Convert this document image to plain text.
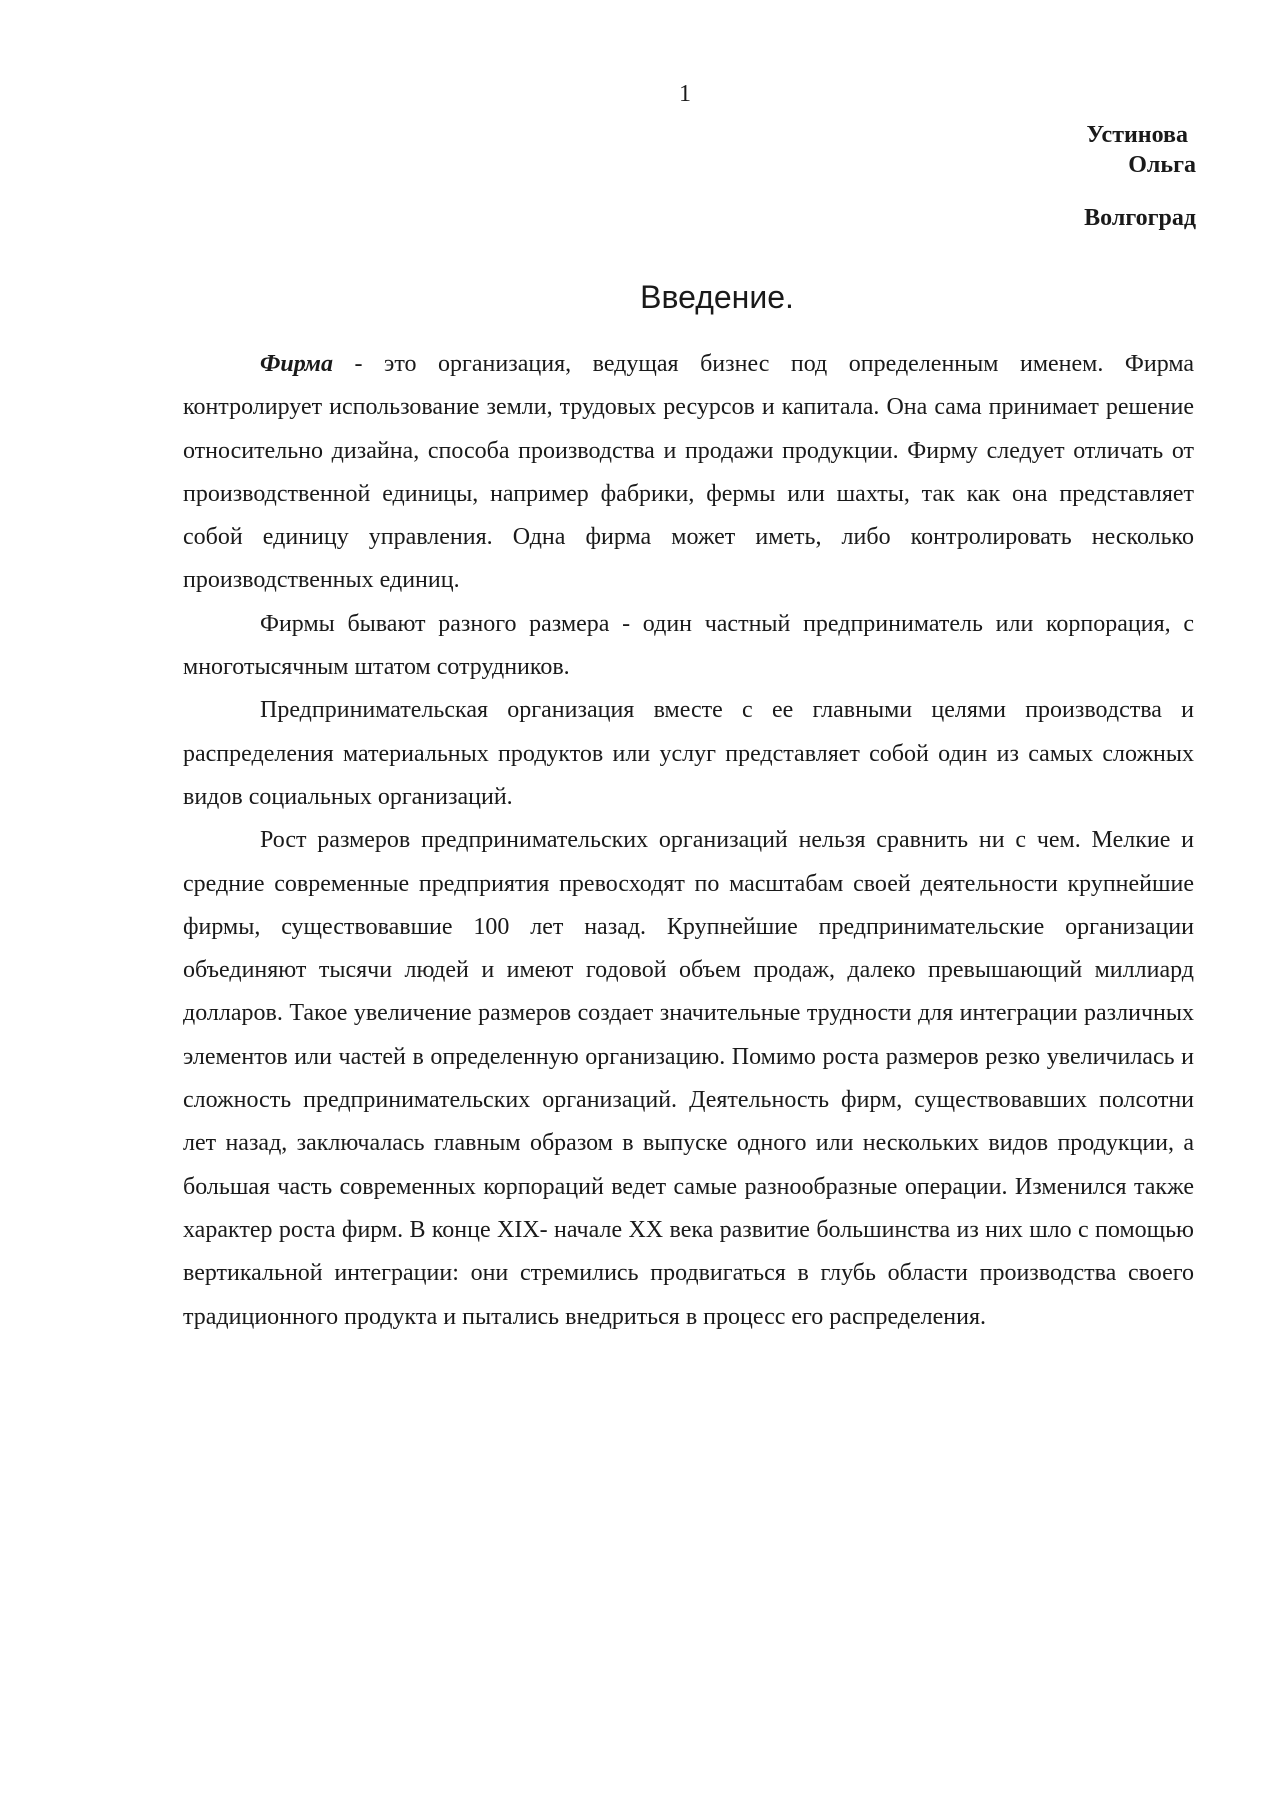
1
Устинова
Ольга
Волгоград
Введение.

Фирма - это организация, ведущая бизнес под определенным именем. Фирма контролирует использование земли, трудовых ресурсов и капитала. Она сама принимает решение относительно дизайна, способа производства и продажи продукции. Фирму следует отличать от производственной единицы, например фабрики, фермы или шахты, так как она представляет собой единицу управления. Одна фирма может иметь, либо контролировать несколько производственных единиц.

Фирмы бывают разного размера - один частный предприниматель или корпорация, с многотысячным штатом сотрудников.

Предпринимательская организация вместе с ее главными целями производства и распределения материальных продуктов или услуг представляет собой один из самых сложных видов социальных организаций.

Рост размеров предпринимательских организаций нельзя сравнить ни с чем. Мелкие и средние современные предприятия превосходят по масштабам своей деятельности крупнейшие фирмы, существовавшие 100 лет назад. Крупнейшие предпринимательские организации объединяют тысячи людей и имеют годовой объем продаж, далеко превышающий миллиард долларов. Такое увеличение размеров создает значительные трудности для интеграции различных элементов или частей в определенную организацию. Помимо роста размеров резко увеличилась и сложность предпринимательских организаций. Деятельность фирм, существовавших полсотни лет назад, заключалась главным образом в выпуске одного или нескольких видов продукции, а большая часть современных корпораций ведет самые разнообразные операции. Изменился также характер роста фирм. В конце XIX- начале XX века развитие большинства из них шло с помощью вертикальной интеграции: они стремились продвигаться в глубь области производства своего традиционного продукта и пытались внедриться в процесс его распределения.
